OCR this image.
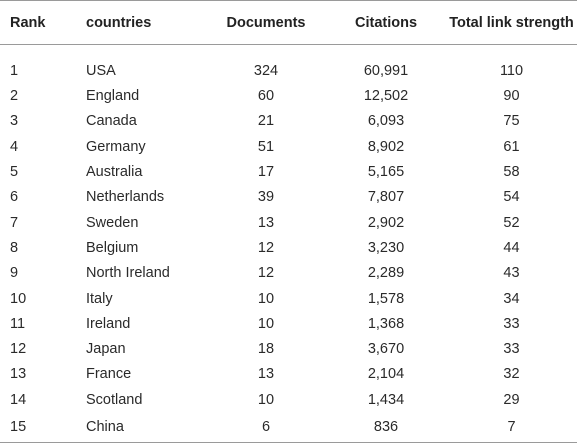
Rank	countries	Documents	Citations	Total link strength
1	USA	324	60,991	110
2	England	60	12,502	90
3	Canada	21	6,093	75
4	Germany	51	8,902	61
5	Australia	17	5,165	58
6	Netherlands	39	7,807	54
7	Sweden	13	2,902	52
8	Belgium	12	3,230	44
9	North Ireland	12	2,289	43
10	Italy	10	1,578	34
11	Ireland	10	1,368	33
12	Japan	18	3,670	33
13	France	13	2,104	32
14	Scotland	10	1,434	29
15	China	6	836	7
